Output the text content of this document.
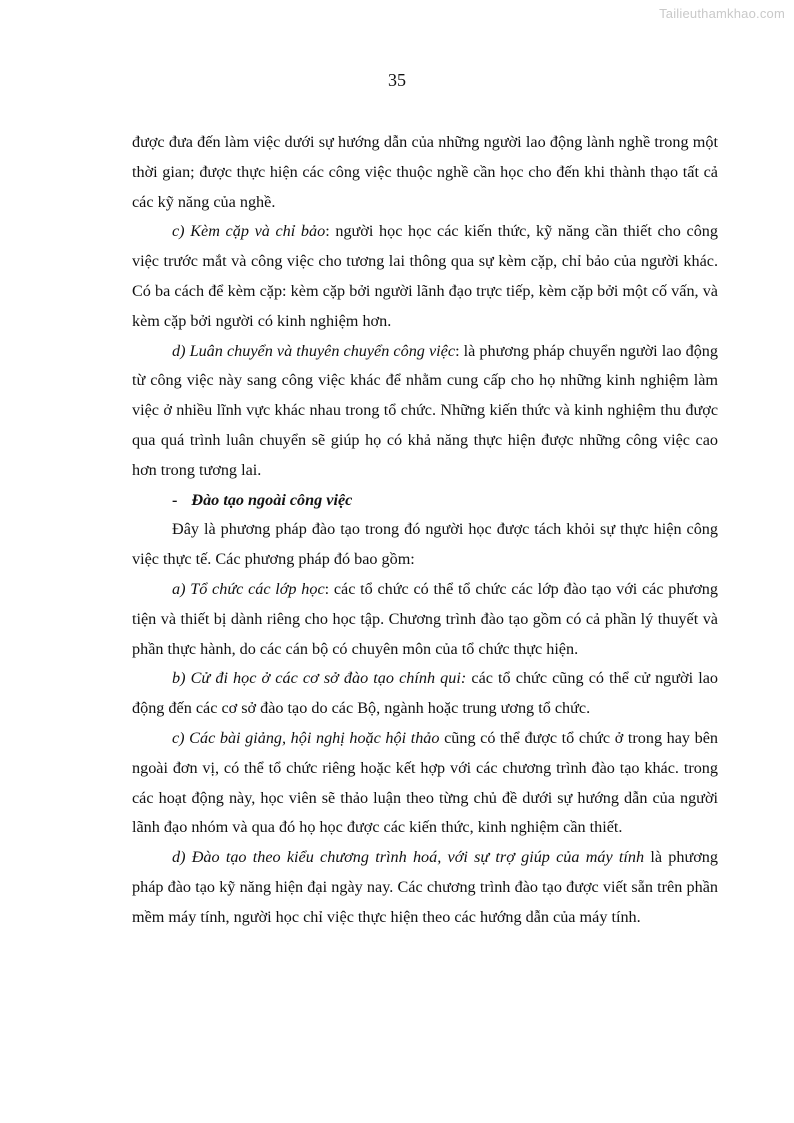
Tailieuthamkhao.com
35

được đưa đến làm việc dưới sự hướng dẫn của những người lao động lành nghề trong một thời gian; được thực hiện các công việc thuộc nghề cần học cho đến khi thành thạo tất cả các kỹ năng của nghề.

c) Kèm cặp và chỉ bảo: người học học các kiến thức, kỹ năng cần thiết cho công việc trước mắt và công việc cho tương lai thông qua sự kèm cặp, chỉ bảo của người khác. Có ba cách để kèm cặp: kèm cặp bởi người lãnh đạo trực tiếp, kèm cặp bởi một cố vấn, và kèm cặp bởi người có kinh nghiệm hơn.

d) Luân chuyển và thuyên chuyển công việc: là phương pháp chuyển người lao động từ công việc này sang công việc khác để nhằm cung cấp cho họ những kinh nghiệm làm việc ở nhiều lĩnh vực khác nhau trong tổ chức. Những kiến thức và kinh nghiệm thu được qua quá trình luân chuyển sẽ giúp họ có khả năng thực hiện được những công việc cao hơn trong tương lai.

- Đào tạo ngoài công việc

Đây là phương pháp đào tạo trong đó người học được tách khỏi sự thực hiện công việc thực tế. Các phương pháp đó bao gồm:

a) Tổ chức các lớp học: các tổ chức có thể tổ chức các lớp đào tạo với các phương tiện và thiết bị dành riêng cho học tập. Chương trình đào tạo gồm có cả phần lý thuyết và phần thực hành, do các cán bộ có chuyên môn của tổ chức thực hiện.

b) Cử đi học ở các cơ sở đào tạo chính qui: các tổ chức cũng có thể cử người lao động đến các cơ sở đào tạo do các Bộ, ngành hoặc trung ương tổ chức.

c) Các bài giảng, hội nghị hoặc hội thảo cũng có thể được tổ chức ở trong hay bên ngoài đơn vị, có thể tổ chức riêng hoặc kết hợp với các chương trình đào tạo khác. trong các hoạt động này, học viên sẽ thảo luận theo từng chủ đề dưới sự hướng dẫn của người lãnh đạo nhóm và qua đó họ học được các kiến thức, kinh nghiệm cần thiết.

d) Đào tạo theo kiểu chương trình hoá, với sự trợ giúp của máy tính là phương pháp đào tạo kỹ năng hiện đại ngày nay. Các chương trình đào tạo được viết sẵn trên phần mềm máy tính, người học chỉ việc thực hiện theo các hướng dẫn của máy tính.
